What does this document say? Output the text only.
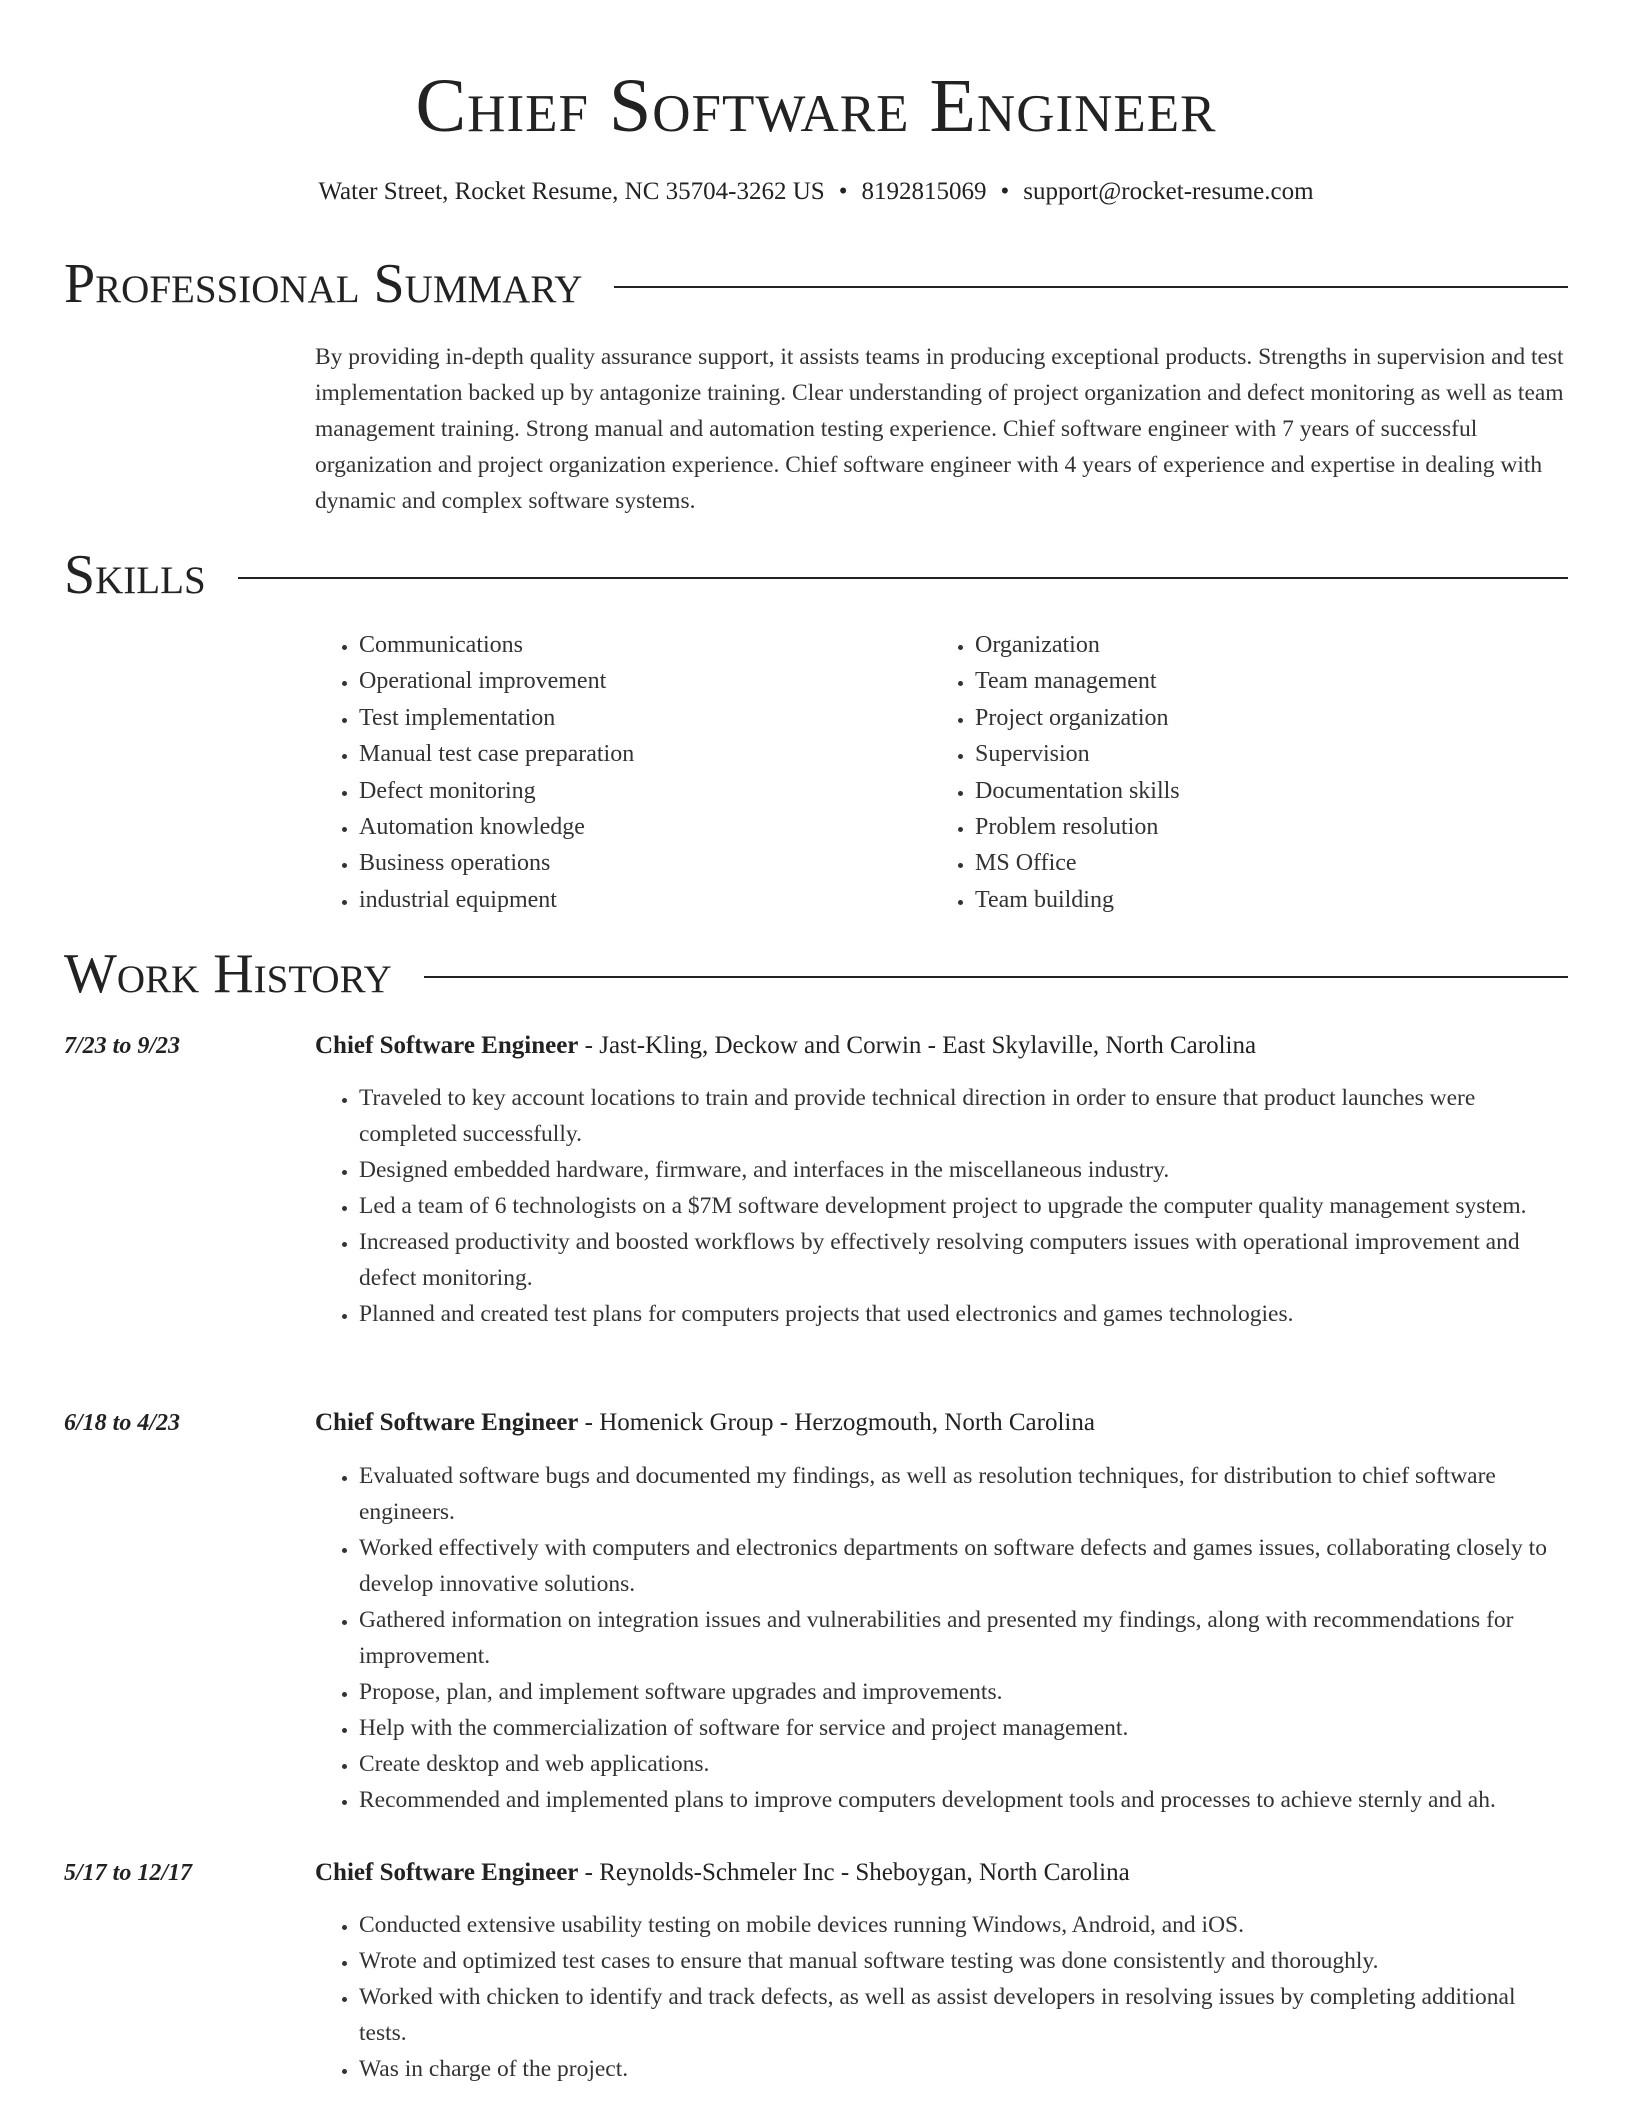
Chief Software Engineer
Water Street, Rocket Resume, NC 35704-3262 US • 8192815069 • support@rocket-resume.com
Professional Summary

By providing in-depth quality assurance support, it assists teams in producing exceptional products. Strengths in supervision and test implementation backed up by antagonize training. Clear understanding of project organization and defect monitoring as well as team management training. Strong manual and automation testing experience. Chief software engineer with 7 years of successful organization and project organization experience. Chief software engineer with 4 years of experience and expertise in dealing with dynamic and complex software systems.

Skills
• Communications
• Operational improvement
• Test implementation
• Manual test case preparation
• Defect monitoring
• Automation knowledge
• Business operations
• industrial equipment
• Organization
• Team management
• Project organization
• Supervision
• Documentation skills
• Problem resolution
• MS Office
• Team building
Work History
7/23 to 9/23	Chief Software Engineer - Jast-Kling, Deckow and Corwin - East Skylaville, North Carolina
• Traveled to key account locations to train and provide technical direction in order to ensure that product launches were completed successfully.
• Designed embedded hardware, firmware, and interfaces in the miscellaneous industry.
• Led a team of 6 technologists on a $7M software development project to upgrade the computer quality management system.
• Increased productivity and boosted workflows by effectively resolving computers issues with operational improvement and defect monitoring.
• Planned and created test plans for computers projects that used electronics and games technologies.
6/18 to 4/23	Chief Software Engineer - Homenick Group - Herzogmouth, North Carolina
• Evaluated software bugs and documented my findings, as well as resolution techniques, for distribution to chief software engineers.
• Worked effectively with computers and electronics departments on software defects and games issues, collaborating closely to develop innovative solutions.
• Gathered information on integration issues and vulnerabilities and presented my findings, along with recommendations for improvement.
• Propose, plan, and implement software upgrades and improvements.
• Help with the commercialization of software for service and project management.
• Create desktop and web applications.
• Recommended and implemented plans to improve computers development tools and processes to achieve sternly and ah.
5/17 to 12/17	Chief Software Engineer - Reynolds-Schmeler Inc - Sheboygan, North Carolina
• Conducted extensive usability testing on mobile devices running Windows, Android, and iOS.
• Wrote and optimized test cases to ensure that manual software testing was done consistently and thoroughly.
• Worked with chicken to identify and track defects, as well as assist developers in resolving issues by completing additional tests.
• Was in charge of the project.
